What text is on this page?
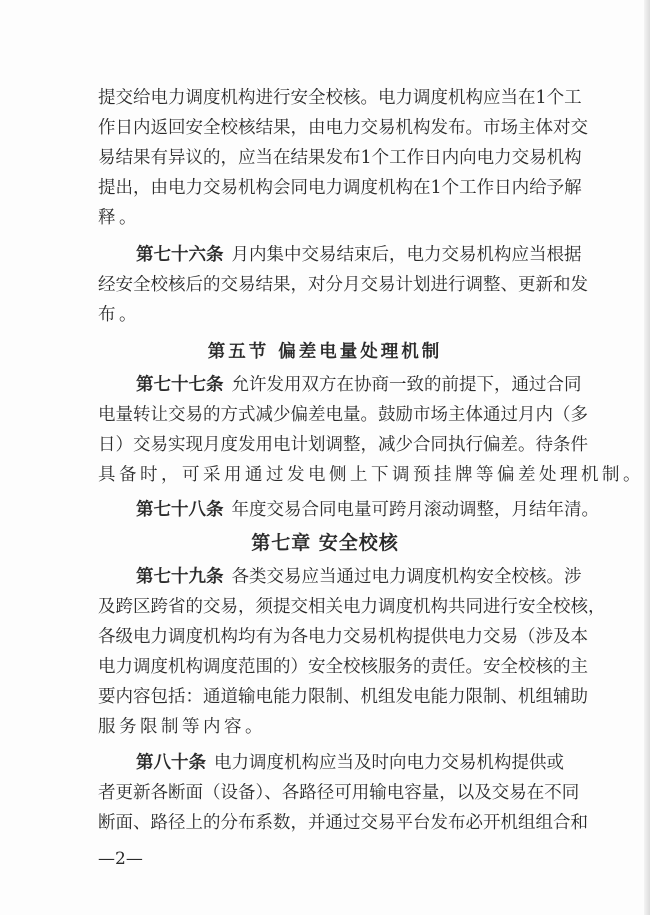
提交给电力调度机构进行安全校核。电力调度机构应当在1个工
作日内返回安全校核结果，由电力交易机构发布。市场主体对交
易结果有异议的，应当在结果发布1个工作日内向电力交易机构
提出，由电力交易机构会同电力调度机构在1个工作日内给予解
释。
第七十六条 月内集中交易结束后，电力交易机构应当根据
经安全校核后的交易结果，对分月交易计划进行调整、更新和发
布。
第五节 偏差电量处理机制
第七十七条 允许发用双方在协商一致的前提下，通过合同
电量转让交易的方式减少偏差电量。鼓励市场主体通过月内（多
日）交易实现月度发用电计划调整，减少合同执行偏差。待条件
具备时，可采用通过发电侧上下调预挂牌等偏差处理机制。
第七十八条 年度交易合同电量可跨月滚动调整，月结年清。
第七章 安全校核
第七十九条 各类交易应当通过电力调度机构安全校核。涉
及跨区跨省的交易，须提交相关电力调度机构共同进行安全校核，
各级电力调度机构均有为各电力交易机构提供电力交易（涉及本
电力调度机构调度范围的）安全校核服务的责任。安全校核的主
要内容包括：通道输电能力限制、机组发电能力限制、机组辅助
服务限制等内容。
第八十条 电力调度机构应当及时向电力交易机构提供或
者更新各断面（设备）、各路径可用输电容量，以及交易在不同
断面、路径上的分布系数，并通过交易平台发布必开机组组合和
—2—
